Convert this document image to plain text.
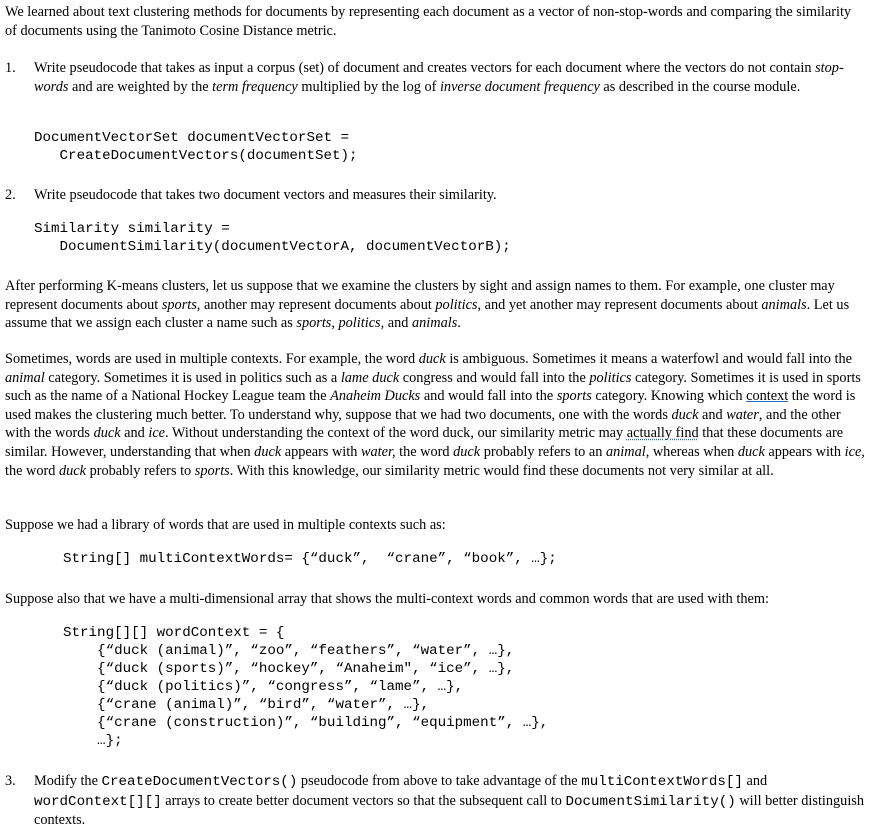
We learned about text clustering methods for documents by representing each document as a vector of non-stop-words and comparing the similarity of documents using the Tanimoto Cosine Distance metric.

1. Write pseudocode that takes as input a corpus (set) of document and creates vectors for each document where the vectors do not contain stop-words and are weighted by the term frequency multiplied by the log of inverse document frequency as described in the course module.
DocumentVectorSet documentVectorSet =
CreateDocumentVectors(documentSet);
2. Write pseudocode that takes two document vectors and measures their similarity.
Similarity similarity =
DocumentSimilarity(documentVectorA, documentVectorB);

After performing K-means clusters, let us suppose that we examine the clusters by sight and assign names to them. For example, one cluster may represent documents about sports, another may represent documents about politics, and yet another may represent documents about animals. Let us assume that we assign each cluster a name such as sports, politics, and animals.

Sometimes, words are used in multiple contexts. For example, the word duck is ambiguous. Sometimes it means a waterfowl and would fall into the animal category. Sometimes it is used in politics such as a lame duck congress and would fall into the politics category. Sometimes it is used in sports such as the name of a National Hockey League team the Anaheim Ducks and would fall into the sports category. Knowing which context the word is used makes the clustering much better. To understand why, suppose that we had two documents, one with the words duck and water, and the other with the words duck and ice. Without understanding the context of the word duck, our similarity metric may actually find that these documents are similar. However, understanding that when duck appears with water, the word duck probably refers to an animal, whereas when duck appears with ice, the word duck probably refers to sports. With this knowledge, our similarity metric would find these documents not very similar at all.

Suppose we had a library of words that are used in multiple contexts such as:

String[] multiContextWords= {“duck”,  “crane”, “book”, …};

Suppose also that we have a multi-dimensional array that shows the multi-context words and common words that are used with them:

String[][] wordContext = {
{“duck (animal)”, “zoo”, “feathers”, “water”, …},
{“duck (sports)”, “hockey”, “Anaheim", “ice”, …},
{“duck (politics)”, “congress”, “lame”, …},
{“crane (animal)”, “bird”, “water”, …},
{“crane (construction)”, “building”, “equipment”, …},
…};
3. Modify the CreateDocumentVectors() pseudocode from above to take advantage of the multiContextWords[] and wordContext[][] arrays to create better document vectors so that the subsequent call to DocumentSimilarity() will better distinguish contexts.
